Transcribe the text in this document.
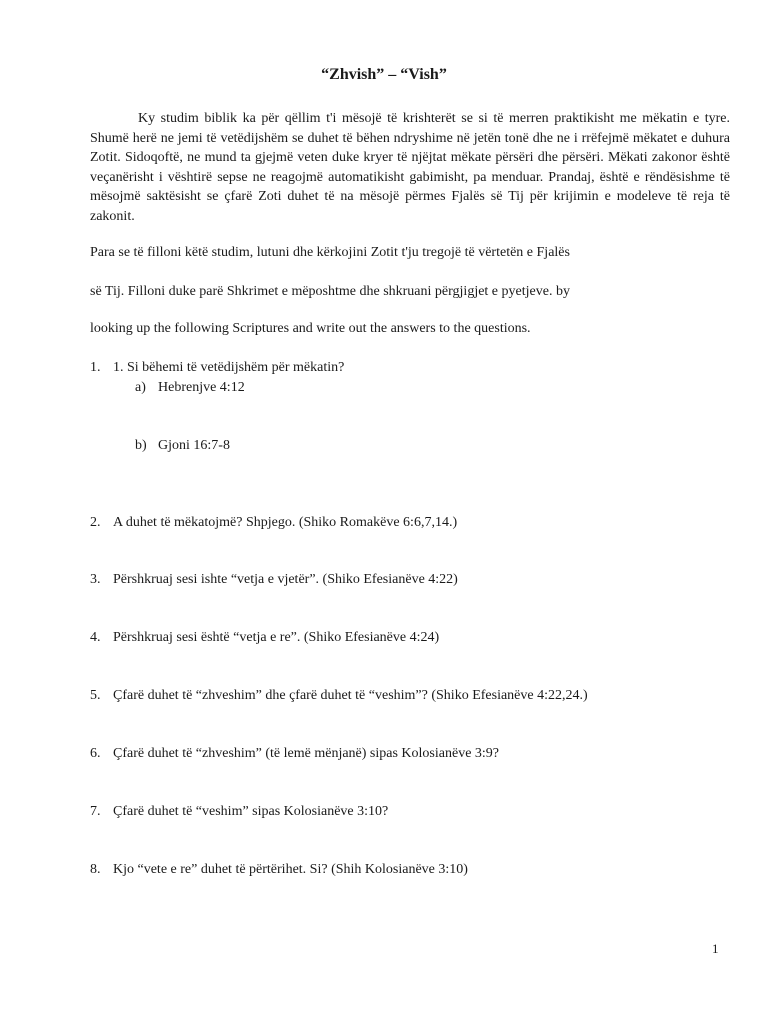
“Zhvish” – “Vish”

Ky studim biblik ka për qëllim t'i mësojë të krishterët se si të merren praktikisht me mëkatin e tyre. Shumë herë ne jemi të vetëdijshëm se duhet të bëhen ndryshime në jetën tonë dhe ne i rrëfejmë mëkatet e duhura Zotit. Sidoqoftë, ne mund ta gjejmë veten duke kryer të njëjtat mëkate përsëri dhe përsëri. Mëkati zakonor është veçanërisht i vështirë sepse ne reagojmë automatikisht gabimisht, pa menduar. Prandaj, është e rëndësishme të mësojmë saktësisht se çfarë Zoti duhet të na mësojë përmes Fjalës së Tij për krijimin e modeleve të reja të zakonit.

Para se të filloni këtë studim, lutuni dhe kërkojini Zotit t'ju tregojë të vërtetën e Fjalës
së Tij. Filloni duke parë Shkrimet e mëposhtme dhe shkruani përgjigjet e pyetjeve. by
looking up the following Scriptures and write out the answers to the questions.
1. 1. Si bëhemi të vetëdijshëm për mëkatin?
a) Hebrenjve 4:12
b) Gjoni 16:7-8
2. A duhet të mëkatojmë? Shpjego. (Shiko Romakëve 6:6,7,14.)
3. Përshkruaj sesi ishte “vetja e vjetër”. (Shiko Efesianëve 4:22)
4. Përshkruaj sesi është “vetja e re”. (Shiko Efesianëve 4:24)
5. Çfarë duhet të “zhveshim” dhe çfarë duhet të “veshim”? (Shiko Efesianëve 4:22,24.)
6. Çfarë duhet të “zhveshim” (të lemë mënjanë) sipas Kolosianëve 3:9?
7. Çfarë duhet të “veshim” sipas Kolosianëve 3:10?
8. Kjo “vete e re” duhet të përtërihet. Si? (Shih Kolosianëve 3:10)
1
